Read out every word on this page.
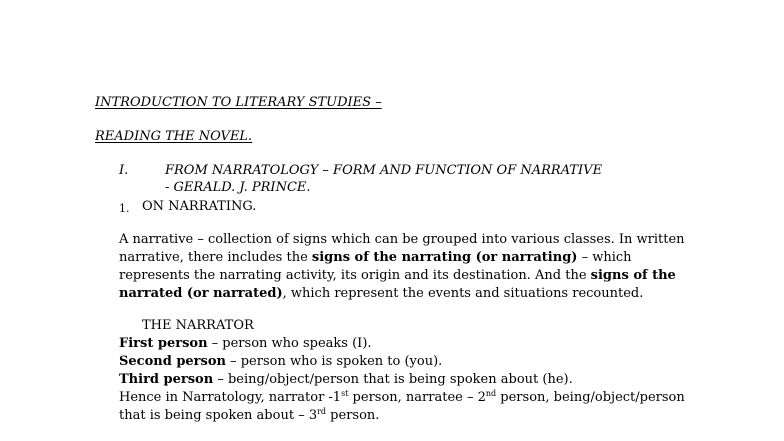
INTRODUCTION TO LITERARY STUDIES –
READING THE NOVEL.
I.	FROM NARRATOLOGY – FORM AND FUNCTION OF NARRATIVE
- GERALD. J. PRINCE.
1. ON NARRATING.
A narrative – collection of signs which can be grouped into various classes. In written
narrative, there includes the signs of the narrating (or narrating) – which
represents the narrating activity, its origin and its destination. And the signs of the
narrated (or narrated), which represent the events and situations recounted.
THE NARRATOR
First person – person who speaks (I).
Second person – person who is spoken to (you).
Third person – being/object/person that is being spoken about (he).
Hence in Narratology, narrator -1st person, narratee – 2nd person, being/object/person
that is being spoken about – 3rd person.
